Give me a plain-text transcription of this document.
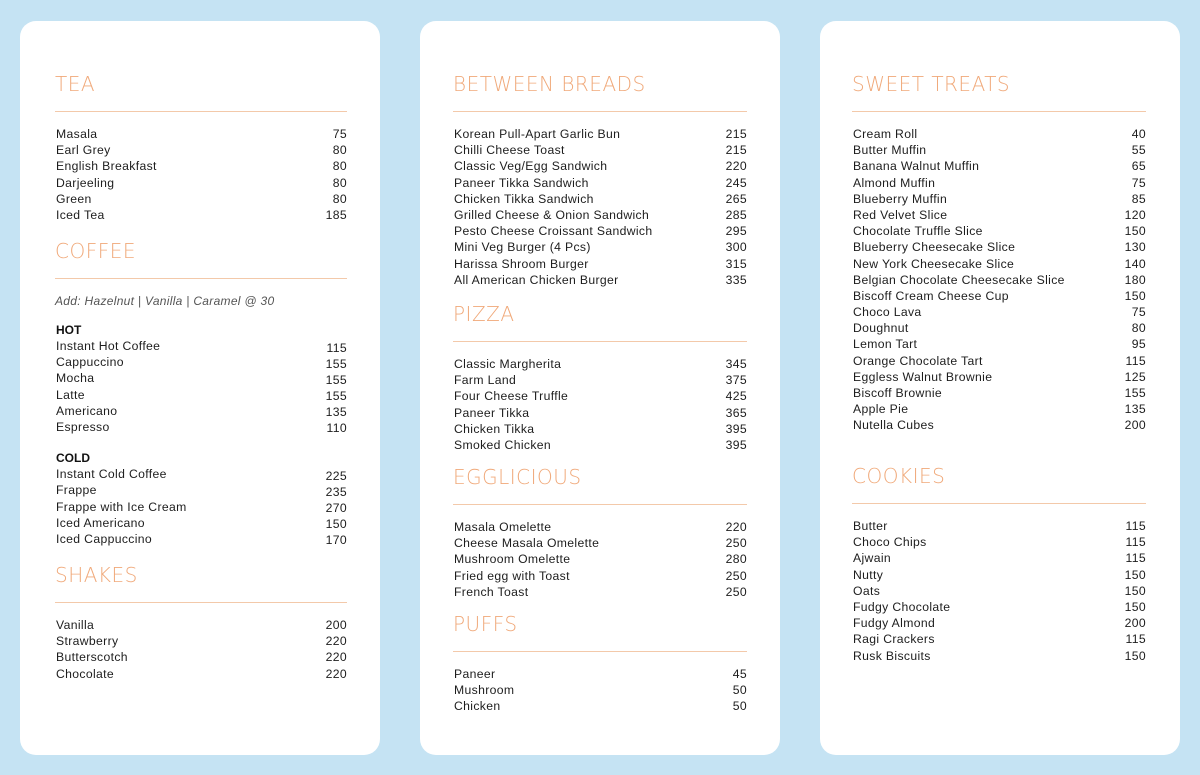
TEA
Masala	75
Earl Grey	80
English Breakfast	80
Darjeeling	80
Green	80
Iced Tea	185
COFFEE
Add: Hazelnut | Vanilla | Caramel @ 30
HOT
Instant Hot Coffee	115
Cappuccino	155
Mocha	155
Latte	155
Americano	135
Espresso	110
COLD
Instant Cold Coffee	225
Frappe	235
Frappe with Ice Cream	270
Iced Americano	150
Iced Cappuccino	170
SHAKES
Vanilla	200
Strawberry	220
Butterscotch	220
Chocolate	220
BETWEEN BREADS
Korean Pull-Apart Garlic Bun	215
Chilli Cheese Toast	215
Classic Veg/Egg Sandwich	220
Paneer Tikka Sandwich	245
Chicken Tikka Sandwich	265
Grilled Cheese & Onion Sandwich	285
Pesto Cheese Croissant Sandwich	295
Mini Veg Burger (4 Pcs)	300
Harissa Shroom Burger	315
All American Chicken Burger	335
PIZZA
Classic Margherita	345
Farm Land	375
Four Cheese Truffle	425
Paneer Tikka	365
Chicken Tikka	395
Smoked Chicken	395
EGGLICIOUS
Masala Omelette	220
Cheese Masala Omelette	250
Mushroom Omelette	280
Fried egg with Toast	250
French Toast	250
PUFFS
Paneer	45
Mushroom	50
Chicken	50
SWEET TREATS
Cream Roll	40
Butter Muffin	55
Banana Walnut Muffin	65
Almond Muffin	75
Blueberry Muffin	85
Red Velvet Slice	120
Chocolate Truffle Slice	150
Blueberry Cheesecake Slice	130
New York Cheesecake Slice	140
Belgian Chocolate Cheesecake Slice	180
Biscoff Cream Cheese Cup	150
Choco Lava	75
Doughnut	80
Lemon Tart	95
Orange Chocolate Tart	115
Eggless Walnut Brownie	125
Biscoff Brownie	155
Apple Pie	135
Nutella Cubes	200
COOKIES
Butter	115
Choco Chips	115
Ajwain	115
Nutty	150
Oats	150
Fudgy Chocolate	150
Fudgy Almond	200
Ragi Crackers	115
Rusk Biscuits	150
